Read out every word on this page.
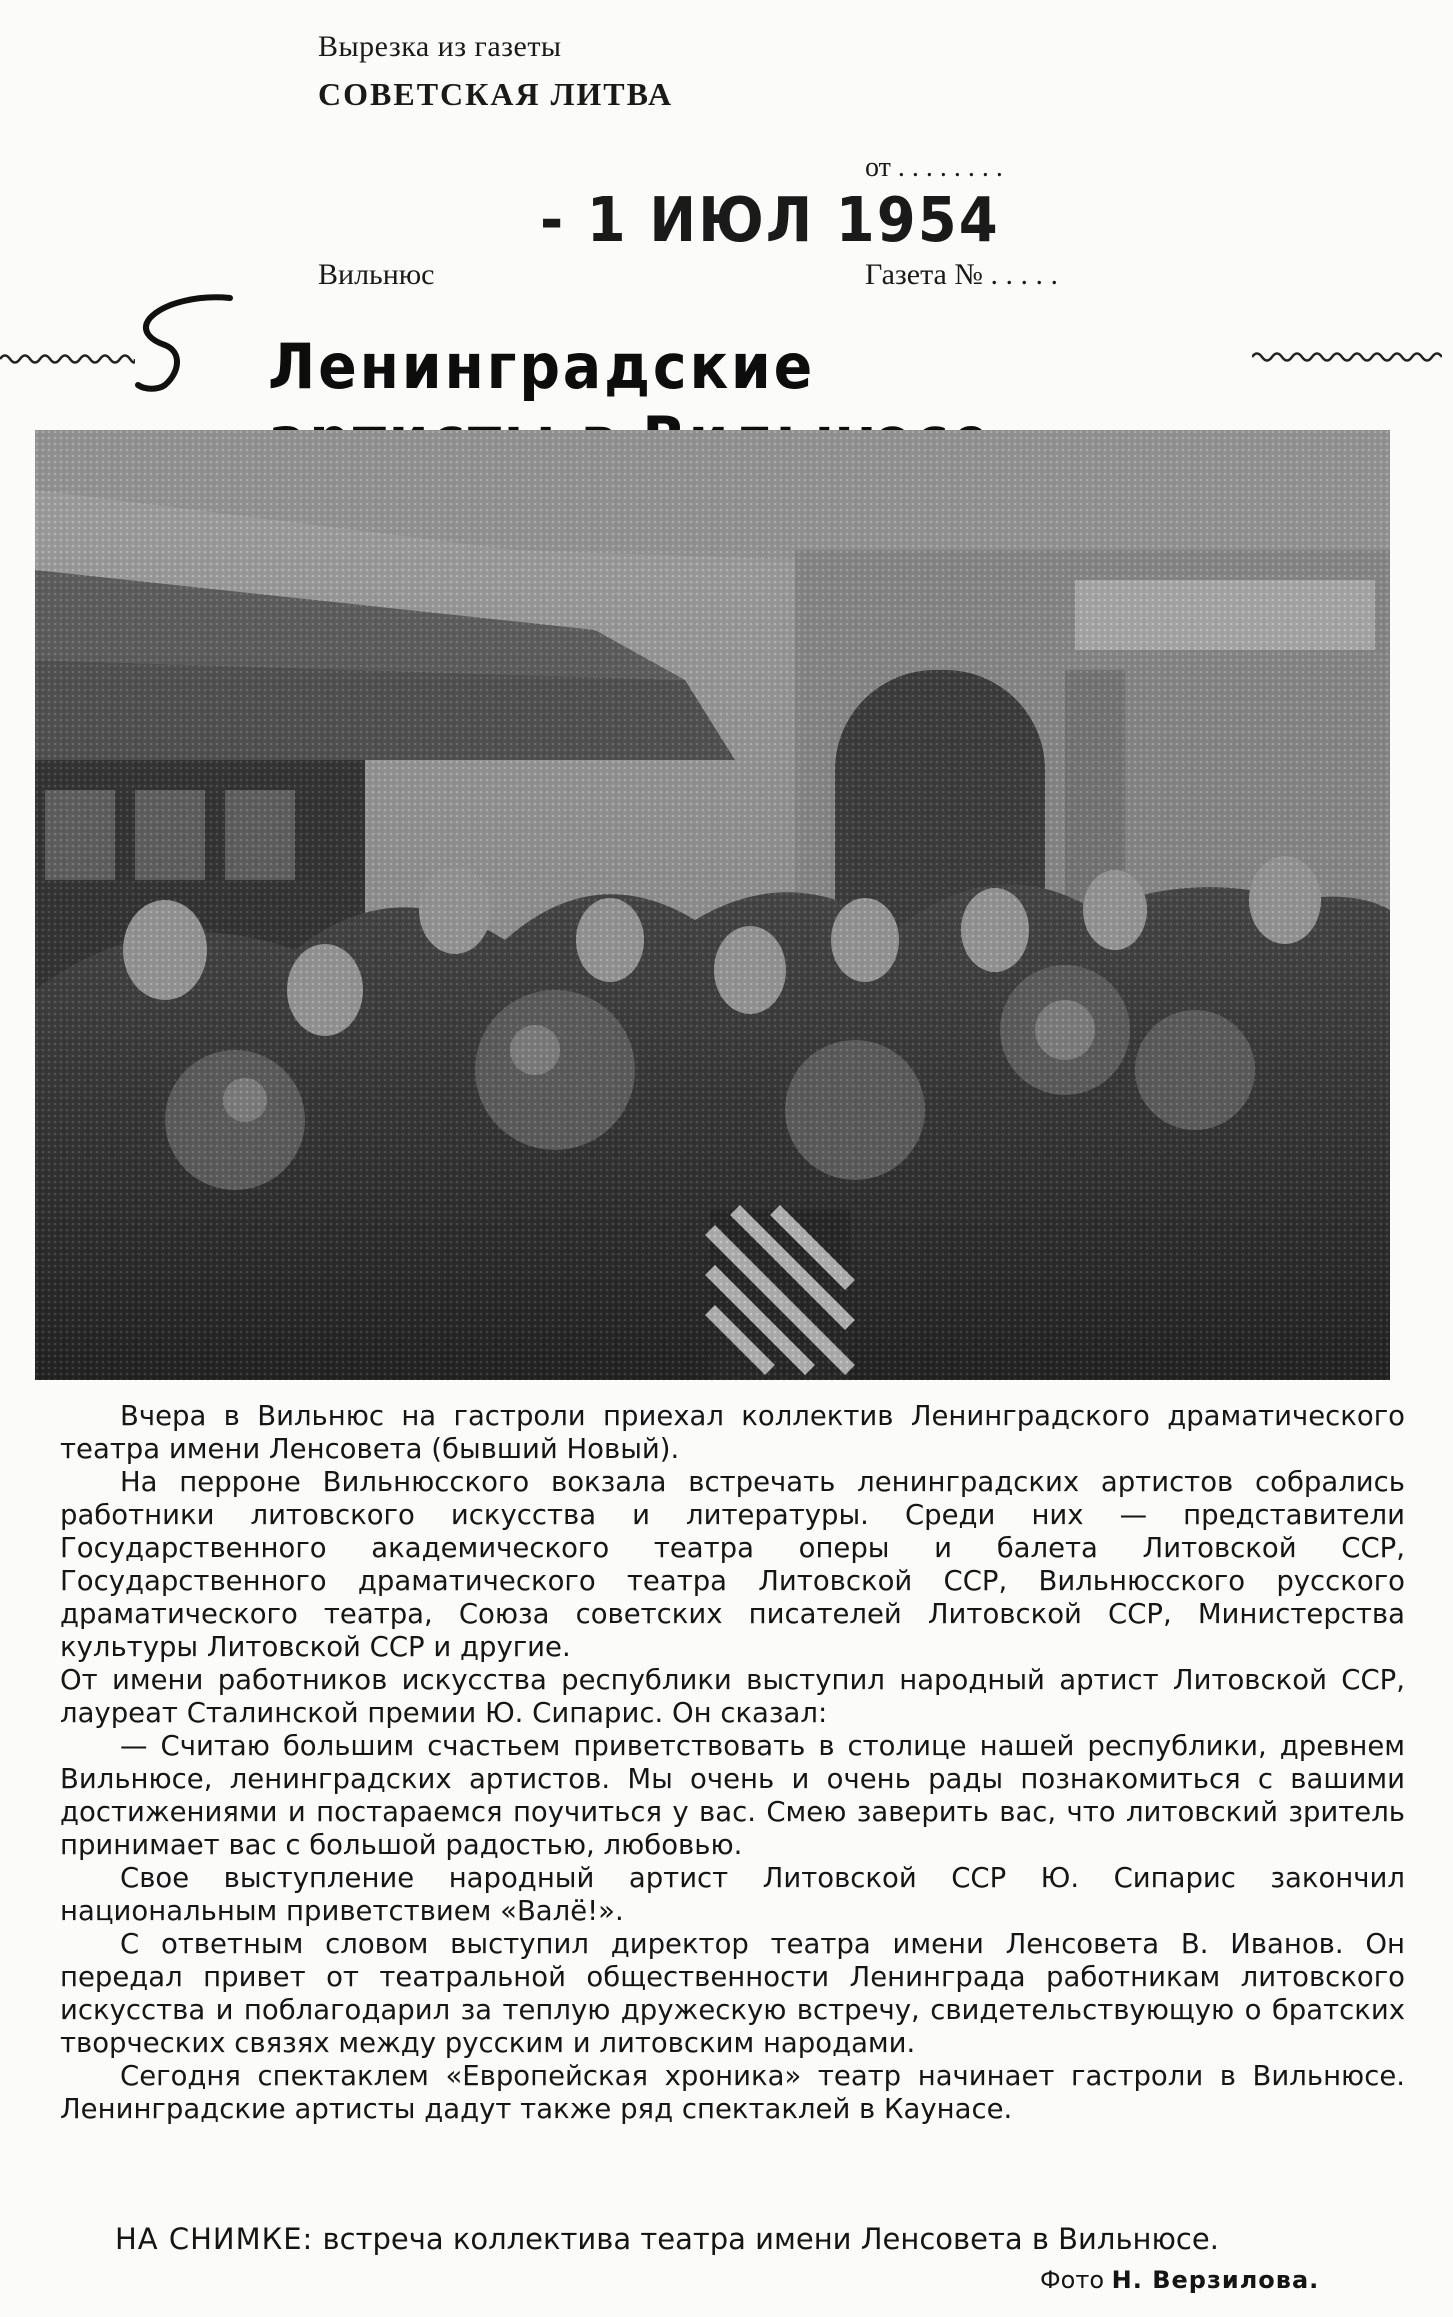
Вырезка из газеты
СОВЕТСКАЯ ЛИТВА
от . . . . . . . .
- 1 ИЮЛ 1954
Вильнюс	Газета № . . . . .
Ленинградские

Вчера в Вильнюс на гастроли приехал коллектив Ленинградского драматического театра имени Ленсовета (бывший Новый).

На перроне Вильнюсского вокзала встречать ленинградских артистов собрались работники литовского искусства и литературы. Среди них — представители Государственного академического театра оперы и балета Литовской ССР, Государственного драматического театра Литовской ССР, Вильнюсского русского драматического театра, Союза советских писателей Литовской ССР, Министерства культуры Литовской ССР и другие.

От имени работников искусства республики выступил народный артист Литовской ССР, лауреат Сталинской премии Ю. Сипарис. Он сказал:

— Считаю большим счастьем приветствовать в столице нашей республики, древнем Вильнюсе, ленинградских артистов. Мы очень и очень рады познакомиться с вашими достижениями и постараемся поучиться у вас. Смею заверить вас, что литовский зритель принимает вас с большой радостью, любовью.

Свое выступление народный артист Литовской ССР Ю. Сипарис закончил национальным приветствием «Валё!».

С ответным словом выступил директор театра имени Ленсовета В. Иванов. Он передал привет от театральной общественности Ленинграда работникам литовского искусства и поблагодарил за теплую дружескую встречу, свидетельствующую о братских творческих связях между русским и литовским народами.

Сегодня спектаклем «Европейская хроника» театр начинает гастроли в Вильнюсе. Ленинградские артисты дадут также ряд спектаклей в Каунасе.

НА СНИМКЕ: встреча коллектива театра имени Ленсовета в Вильнюсе.
Фото Н. Верзилова.
